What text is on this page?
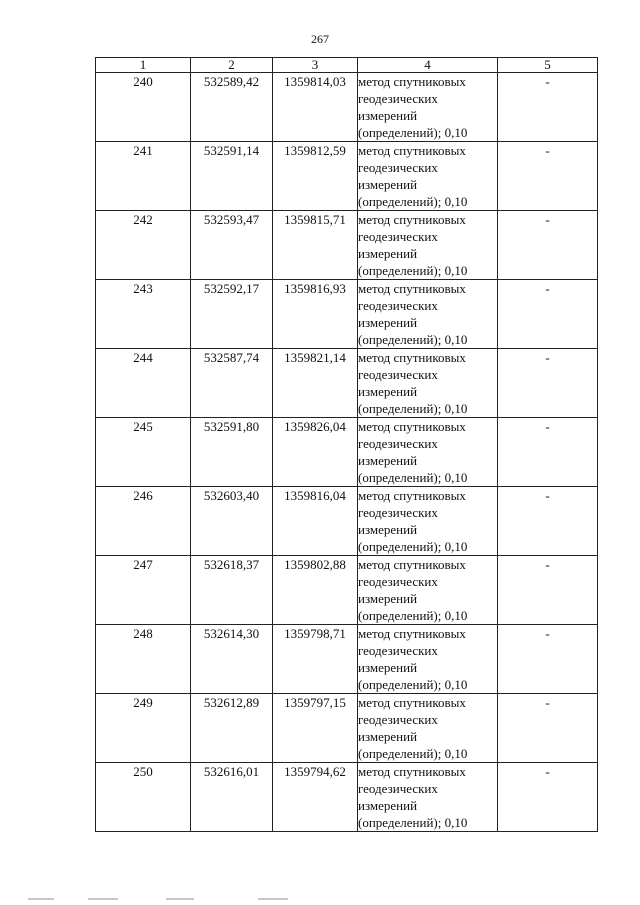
267
1	2	3	4	5
240	532589,42	1359814,03	метод спутниковых
геодезических
измерений
(определений); 0,10	-
241	532591,14	1359812,59	метод спутниковых
геодезических
измерений
(определений); 0,10	-
242	532593,47	1359815,71	метод спутниковых
геодезических
измерений
(определений); 0,10	-
243	532592,17	1359816,93	метод спутниковых
геодезических
измерений
(определений); 0,10	-
244	532587,74	1359821,14	метод спутниковых
геодезических
измерений
(определений); 0,10	-
245	532591,80	1359826,04	метод спутниковых
геодезических
измерений
(определений); 0,10	-
246	532603,40	1359816,04	метод спутниковых
геодезических
измерений
(определений); 0,10	-
247	532618,37	1359802,88	метод спутниковых
геодезических
измерений
(определений); 0,10	-
248	532614,30	1359798,71	метод спутниковых
геодезических
измерений
(определений); 0,10	-
249	532612,89	1359797,15	метод спутниковых
геодезических
измерений
(определений); 0,10	-
250	532616,01	1359794,62	метод спутниковых
геодезических
измерений
(определений); 0,10	-
